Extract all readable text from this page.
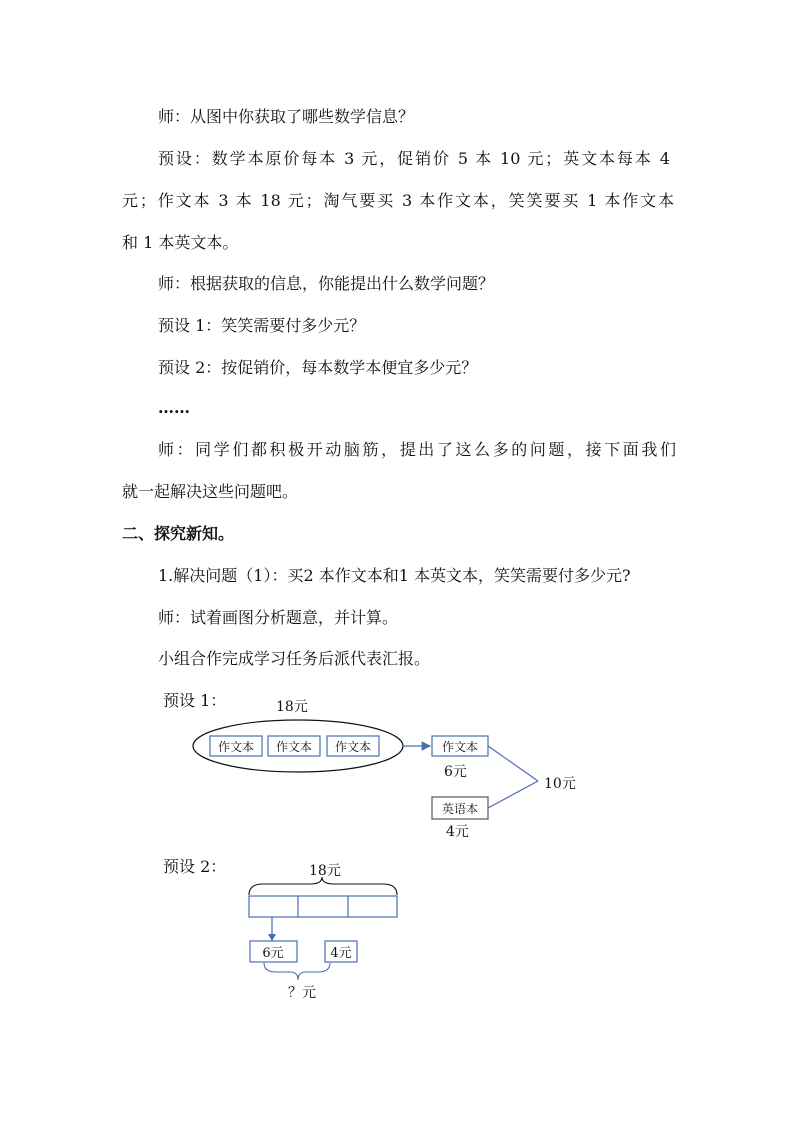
师：从图中你获取了哪些数学信息？
预设：数学本原价每本 3 元，促销价 5 本 10 元；英文本每本 4
元；作文本 3 本 18 元；淘气要买 3 本作文本，笑笑要买 1 本作文本
和 1 本英文本。
师：根据获取的信息，你能提出什么数学问题？
预设 1：笑笑需要付多少元？
预设 2：按促销价，每本数学本便宜多少元？
……
师：同学们都积极开动脑筋，提出了这么多的问题，接下面我们
就一起解决这些问题吧。
二、探究新知。
1.解决问题（1）：买2 本作文本和1 本英文本，笑笑需要付多少元?
师：试着画图分析题意，并计算。
小组合作完成学习任务后派代表汇报。
预设 1：	18元
作文本 作文本 作文本	作文本
6元
英语本
4元
10元
预设 2：	18元
6元	4元
？元
